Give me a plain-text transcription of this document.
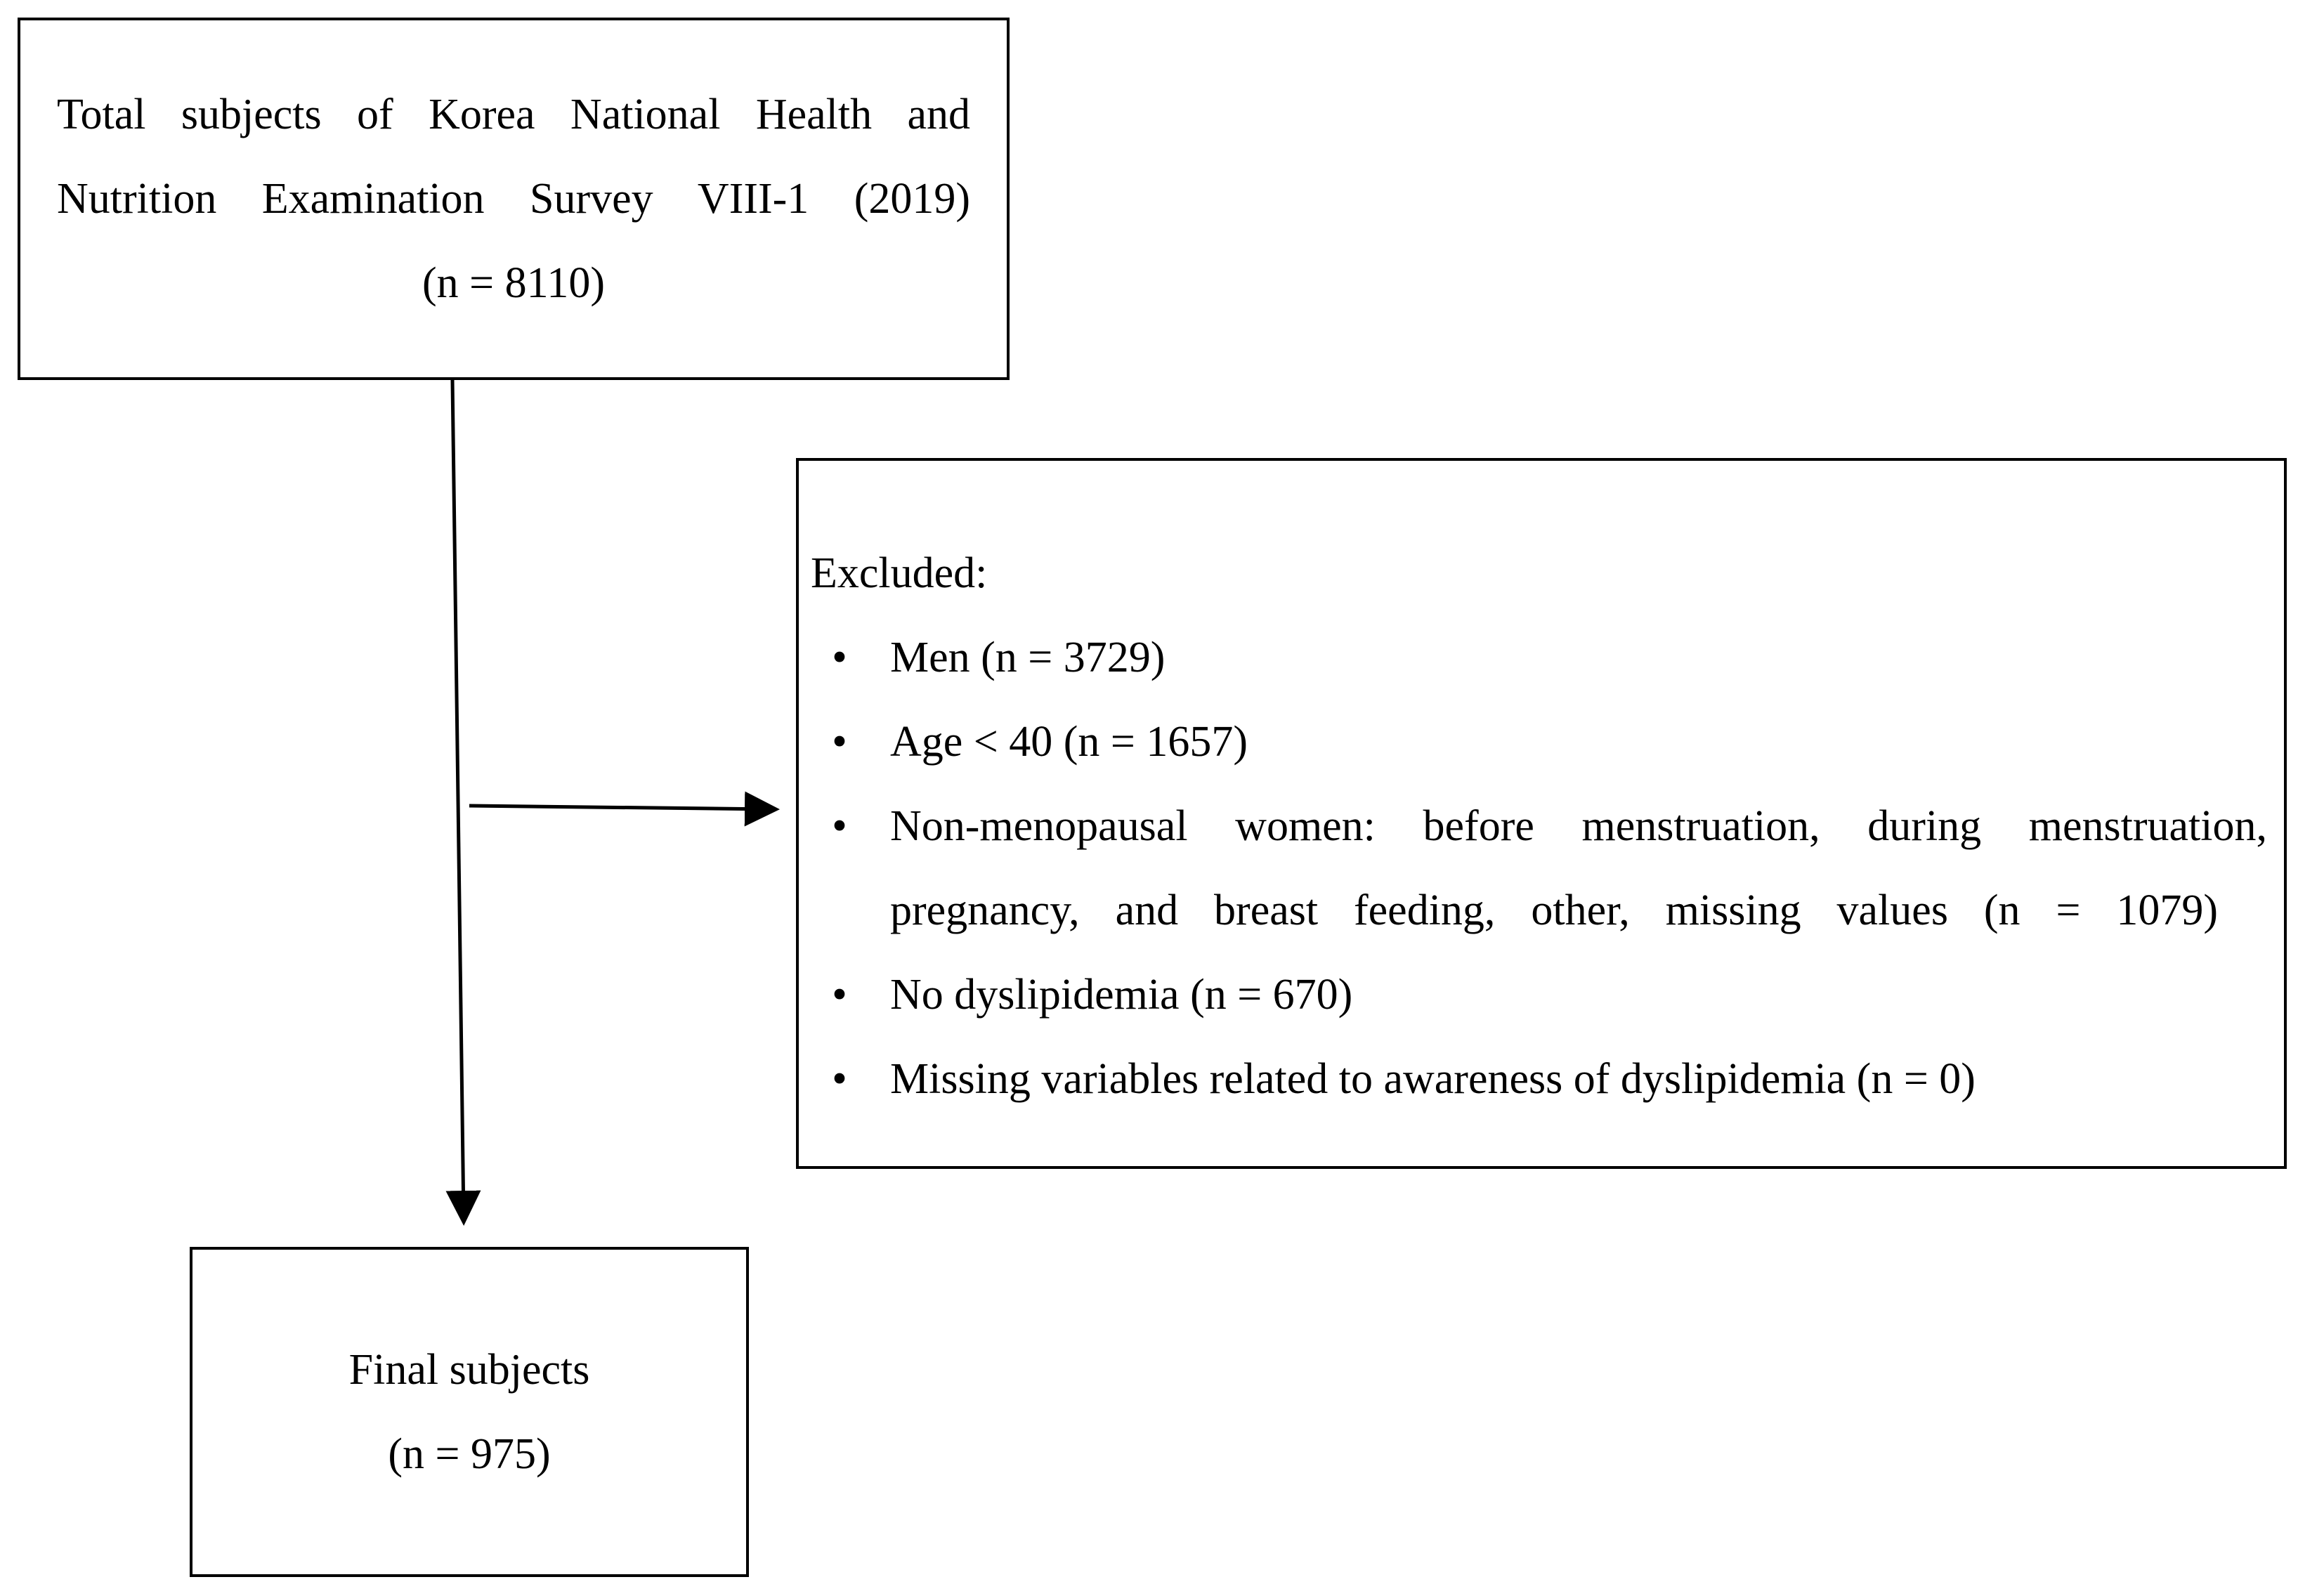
Total subjects of Korea National Health and
Nutrition Examination Survey VIII-1 (2019)
(n = 8110)
Excluded:
• Men (n = 3729)
• Age < 40 (n = 1657)
• Non-menopausal women: before menstruation, during menstruation,
pregnancy, and breast feeding, other, missing values (n = 1079)
• No dyslipidemia (n = 670)
• Missing variables related to awareness of dyslipidemia (n = 0)
Final subjects
(n = 975)
